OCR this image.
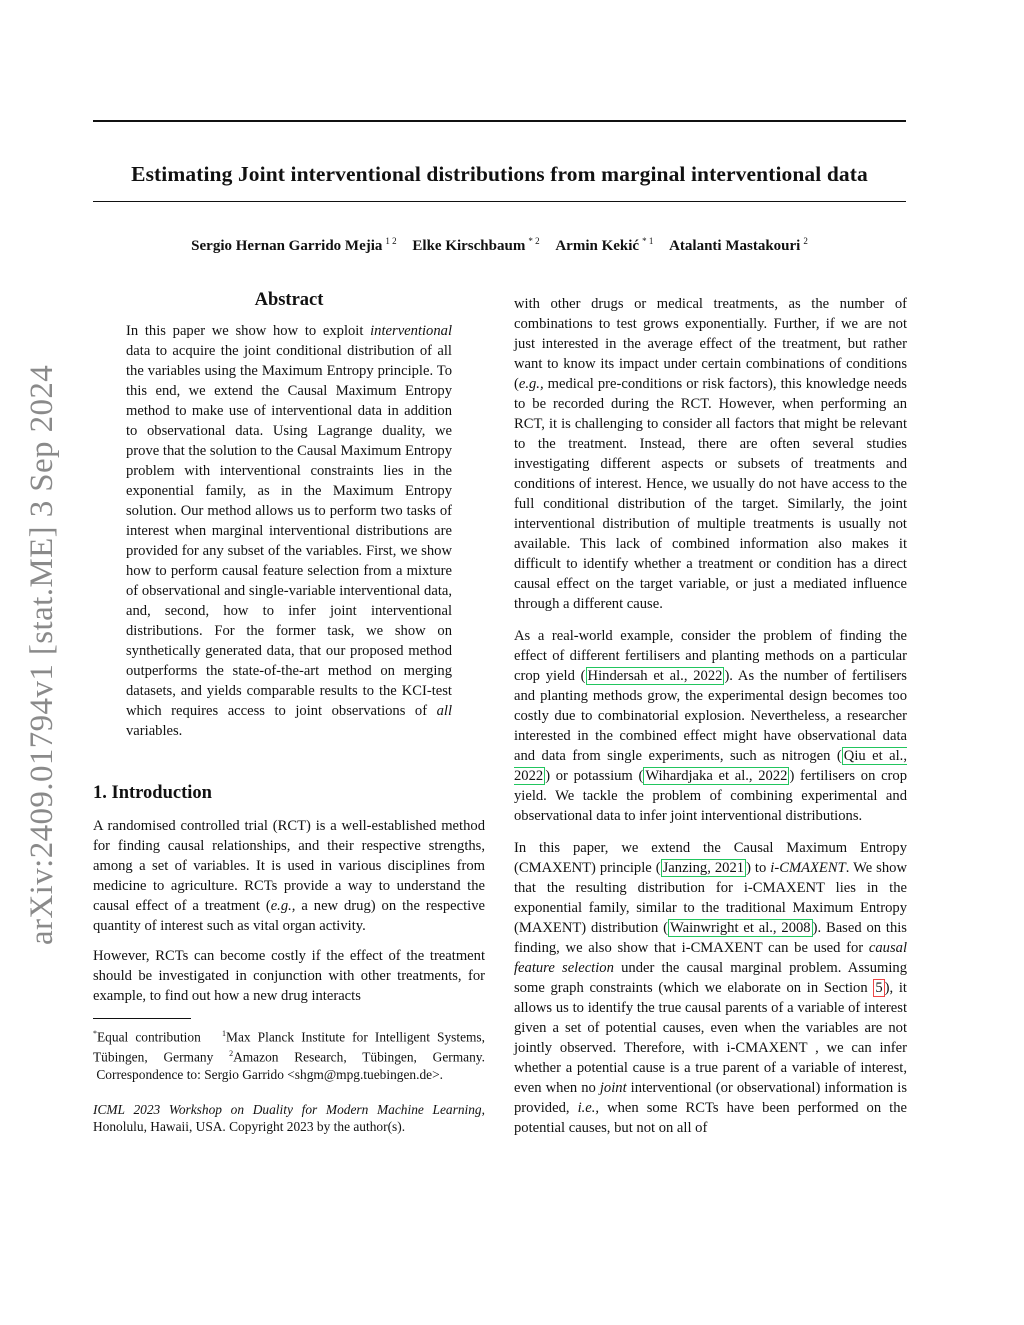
Estimating Joint interventional distributions from marginal interventional data
Sergio Hernan Garrido Mejia $^{1 2}$ Elke Kirschbaum $^{* 2}$ Armin Kekić $^{* 1}$ Atalanti Mastakouri $^2$
arXiv:2409.01794v1 [stat.ME] 3 Sep 2024
Abstract

In this paper we show how to exploit interventional data to acquire the joint conditional distribution of all the variables using the Maximum Entropy principle. To this end, we extend the Causal Maximum Entropy method to make use of interventional data in addition to observational data. Using Lagrange duality, we prove that the solution to the Causal Maximum Entropy problem with interventional constraints lies in the exponential family, as in the Maximum Entropy solution. Our method allows us to perform two tasks of interest when marginal interventional distributions are provided for any subset of the variables. First, we show how to perform causal feature selection from a mixture of observational and single-variable interventional data, and, second, how to infer joint interventional distributions. For the former task, we show on synthetically generated data, that our proposed method outperforms the state-of-the-art method on merging datasets, and yields comparable results to the KCI-test which requires access to joint observations of all variables.

1. Introduction

A randomised controlled trial (RCT) is a well-established method for finding causal relationships, and their respective strengths, among a set of variables. It is used in various disciplines from medicine to agriculture. RCTs provide a way to understand the causal effect of a treatment (e.g., a new drug) on the respective quantity of interest such as vital organ activity.

However, RCTs can become costly if the effect of the treatment should be investigated in conjunction with other treatments, for example, to find out how a new drug interacts

*Equal contribution	$^1$Max Planck Institute for Intelligent Systems, Tübingen, Germany $^2$Amazon Research, Tübingen, Germany.  Correspondence to: Sergio Garrido <shgm@mpg.tuebingen.de>.

ICML 2023 Workshop on Duality for Modern Machine Learning, Honolulu, Hawaii, USA. Copyright 2023 by the author(s).

with other drugs or medical treatments, as the number of combinations to test grows exponentially. Further, if we are not just interested in the average effect of the treatment, but rather want to know its impact under certain combinations of conditions (e.g., medical pre-conditions or risk factors), this knowledge needs to be recorded during the RCT. However, when performing an RCT, it is challenging to consider all factors that might be relevant to the treatment. Instead, there are often several studies investigating different aspects or subsets of treatments and conditions of interest. Hence, we usually do not have access to the full conditional distribution of the target. Similarly, the joint interventional distribution of multiple treatments is usually not available. This lack of combined information also makes it difficult to identify whether a treatment or condition has a direct causal effect on the target variable, or just a mediated influence through a different cause.

As a real-world example, consider the problem of finding the effect of different fertilisers and planting methods on a particular crop yield ( Hindersah et al., 2022 ). As the number of fertilisers and planting methods grow, the experimental design becomes too costly due to combinatorial explosion. Nevertheless, a researcher interested in the combined effect might have observational data and data from single experiments, such as nitrogen ( Qiu et al., 2022 ) or potassium ( Wihardjaka et al., 2022 ) fertilisers on crop yield. We tackle the problem of combining experimental and observational data to infer joint interventional distributions.

In this paper, we extend the Causal Maximum Entropy (CMAXENT) principle ( Janzing, 2021 ) to i-CMAXENT. We show that the resulting distribution for i-CMAXENT lies in the exponential family, similar to the traditional Maximum Entropy (MAXENT) distribution ( Wainwright et al., 2008 ). Based on this finding, we also show that i-CMAXENT can be used for causal feature selection under the causal marginal problem. Assuming some graph constraints (which we elaborate on in Section 5 ), it allows us to identify the true causal parents of a variable of interest given a set of potential causes, even when the variables are not jointly observed. Therefore, with i-CMAXENT , we can infer whether a potential cause is a true parent of a variable of interest, even when no joint interventional (or observational) information is provided, i.e., when some RCTs have been performed on the potential causes, but not on all of
